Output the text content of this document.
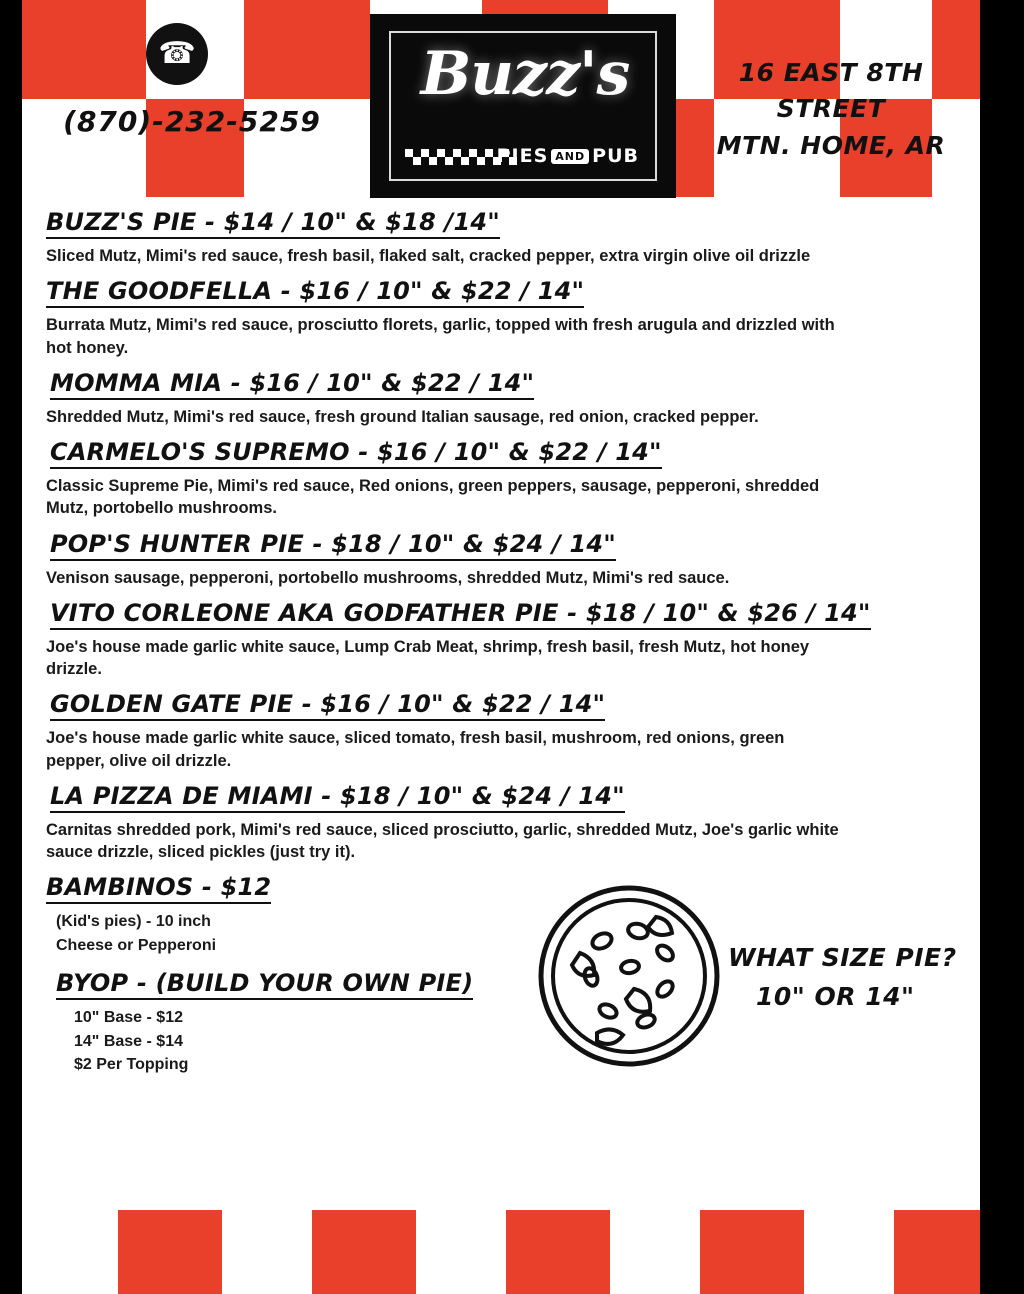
☎
(870)-232-5259
Buzz's
PIES AND PUB
16 EAST 8TH STREET
MTN. HOME, AR
BUZZ'S PIE - $14 / 10" & $18 /14"
Sliced Mutz, Mimi's red sauce, fresh basil, flaked salt, cracked pepper, extra virgin olive oil drizzle
THE GOODFELLA - $16 / 10" & $22 / 14"
Burrata Mutz, Mimi's red sauce, prosciutto florets, garlic, topped with fresh arugula and drizzled with hot honey.
MOMMA MIA - $16 / 10" & $22 / 14"
Shredded Mutz, Mimi's red sauce, fresh ground Italian sausage, red onion, cracked pepper.
CARMELO'S SUPREMO - $16 / 10" & $22 / 14"
Classic Supreme Pie, Mimi's red sauce, Red onions, green peppers, sausage, pepperoni, shredded Mutz, portobello mushrooms.
POP'S HUNTER PIE - $18 / 10" & $24 / 14"
Venison sausage, pepperoni, portobello mushrooms, shredded Mutz, Mimi's red sauce.
VITO CORLEONE AKA GODFATHER PIE - $18 / 10" & $26 / 14"
Joe's house made garlic white sauce, Lump Crab Meat, shrimp, fresh basil, fresh Mutz, hot honey drizzle.
GOLDEN GATE PIE - $16 / 10" & $22 / 14"
Joe's house made garlic white sauce, sliced tomato, fresh basil, mushroom, red onions, green pepper, olive oil drizzle.
LA PIZZA DE MIAMI - $18 / 10" & $24 / 14"
Carnitas shredded pork, Mimi's red sauce, sliced prosciutto, garlic, shredded Mutz, Joe's garlic white sauce drizzle, sliced pickles (just try it).
BAMBINOS - $12
(Kid's pies) - 10 inch
Cheese or Pepperoni
BYOP - (BUILD YOUR OWN PIE)
10" Base - $12
14" Base - $14
$2 Per Topping
WHAT SIZE PIE?
10" OR 14"
